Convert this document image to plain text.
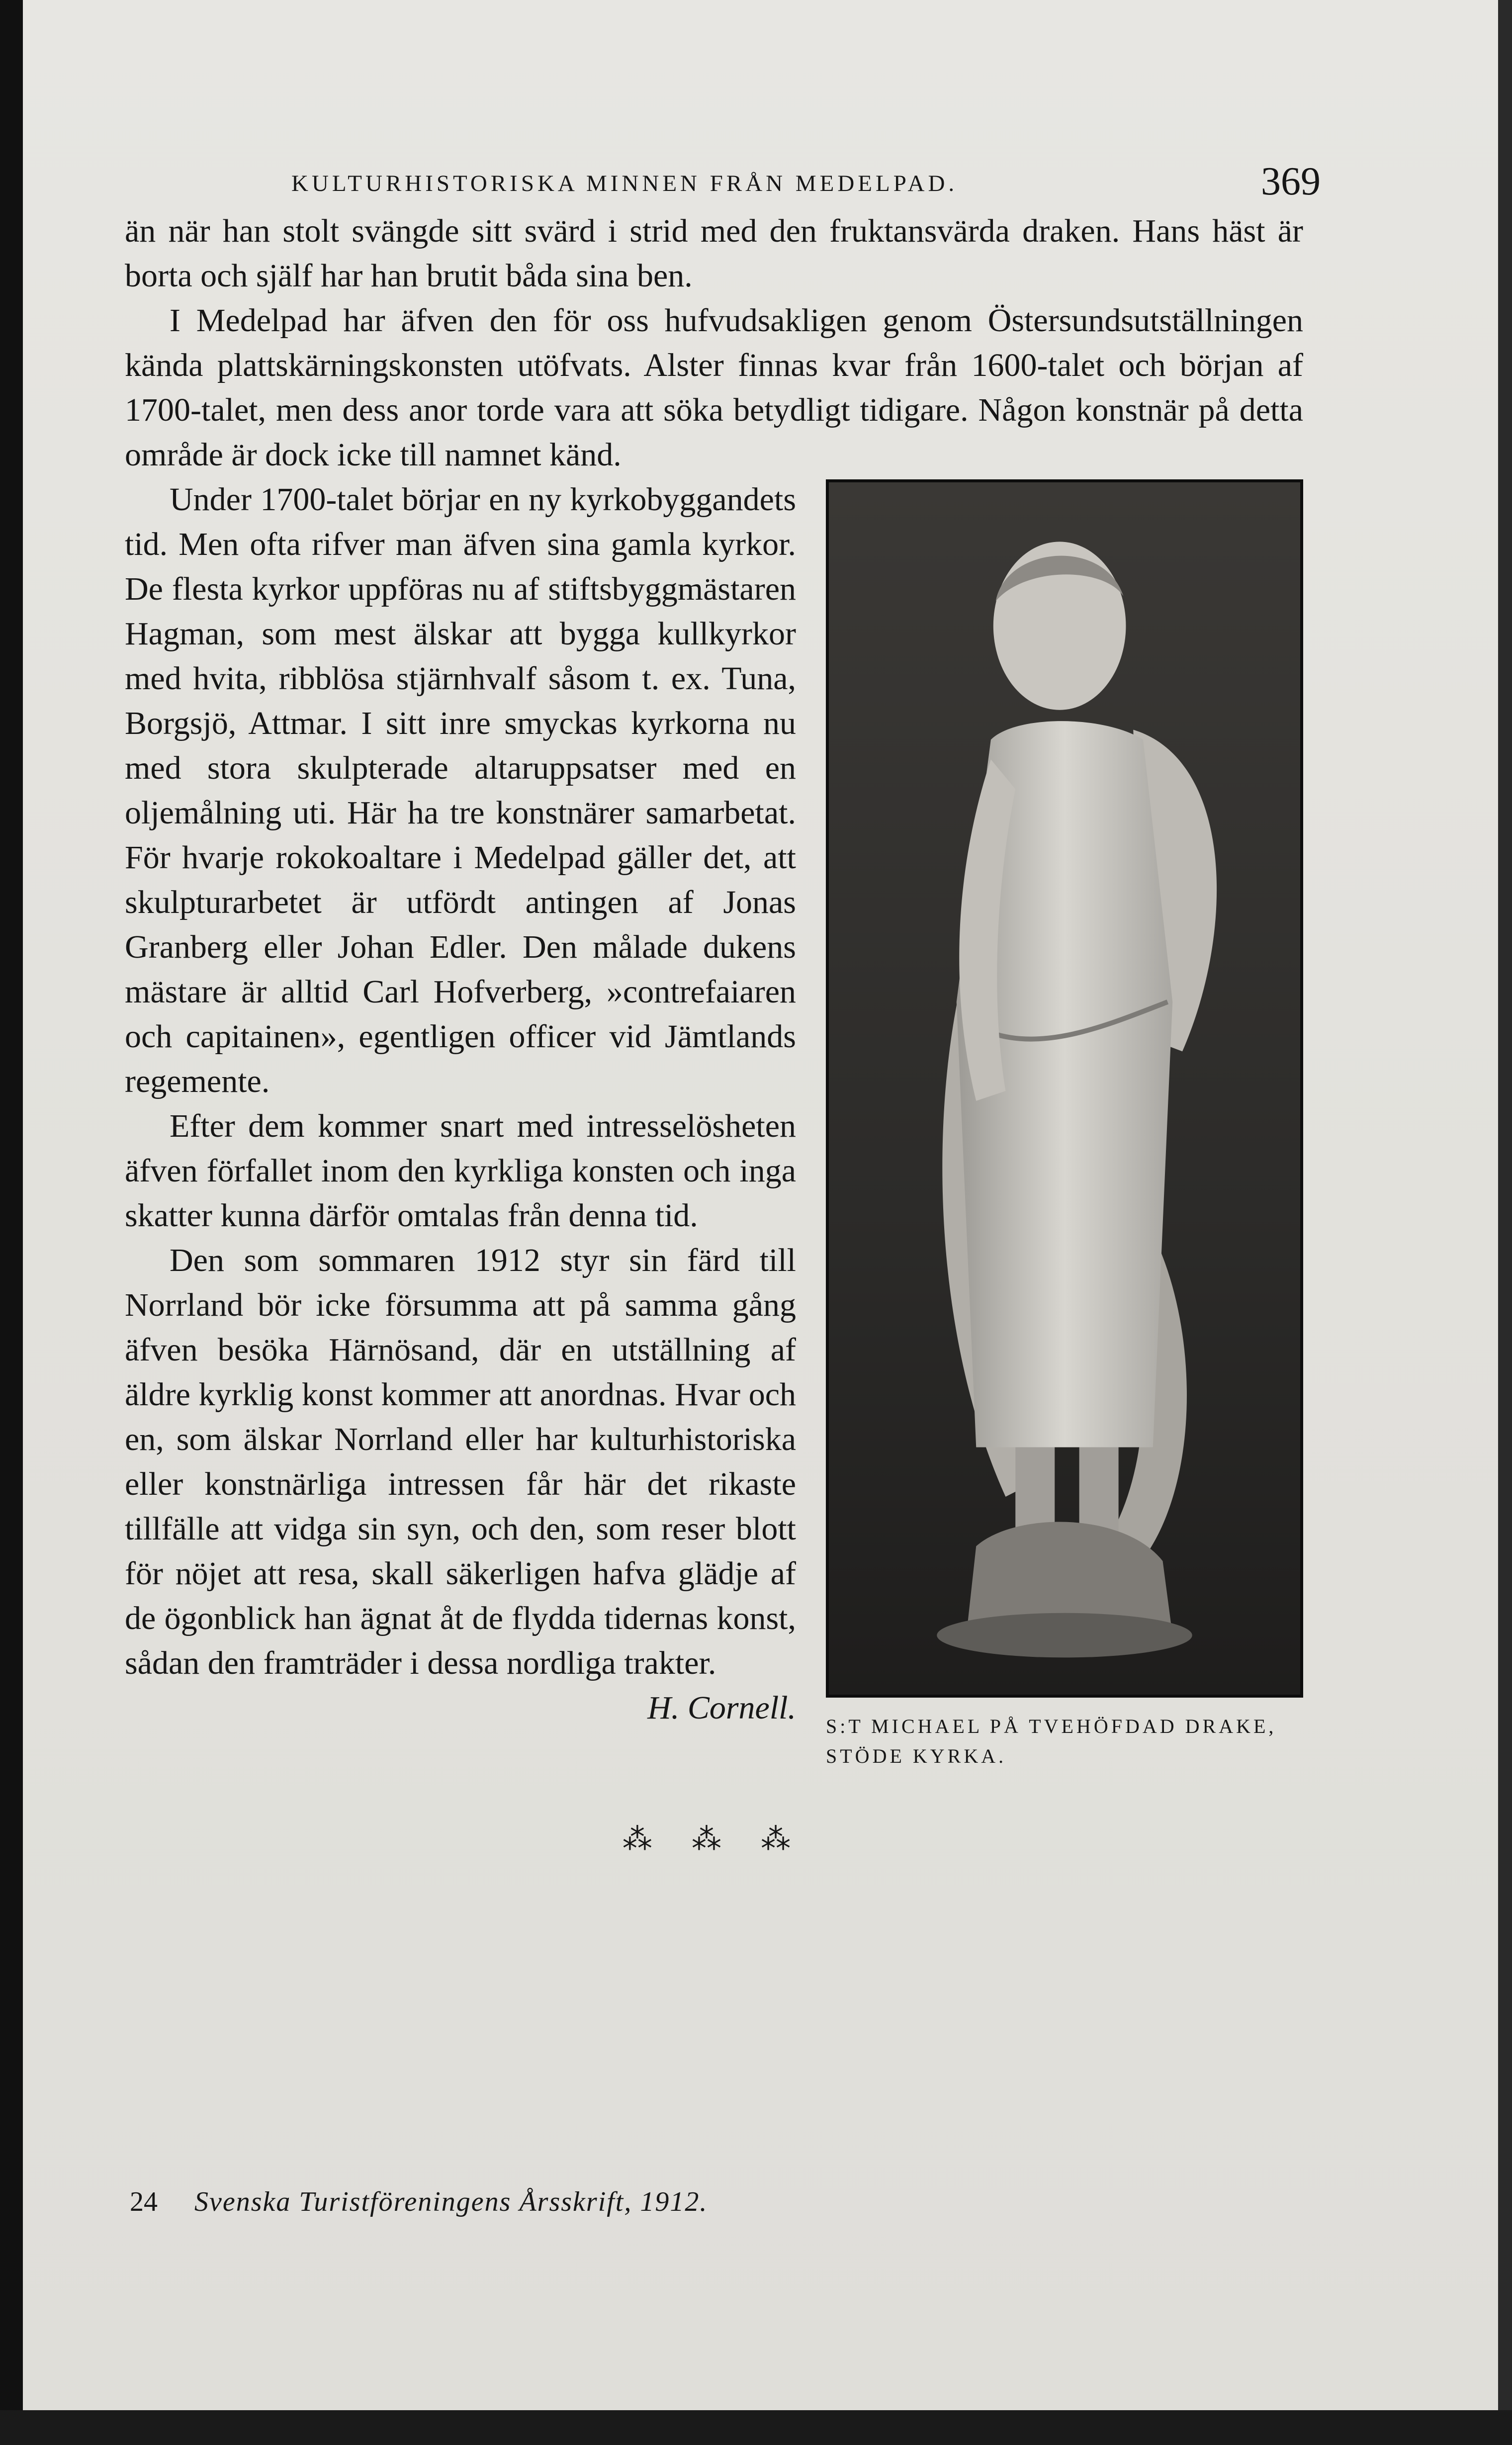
KULTURHISTORISKA MINNEN FRÅN MEDELPAD.	369

än när han stolt svängde sitt svärd i strid med den fruktansvärda draken. Hans häst är borta och själf har han brutit båda sina ben.

I Medelpad har äfven den för oss hufvudsakligen genom Östersundsutställningen kända plattskärningskonsten utöfvats. Alster finnas kvar från 1600-talet och början af 1700-talet, men dess anor torde vara att söka betydligt tidigare. Någon konstnär på detta område är dock icke till namnet känd.

S:T MICHAEL PÅ TVEHÖFDAD DRAKE, STÖDE KYRKA.

Under 1700-talet börjar en ny kyrkobyggandets tid. Men ofta rifver man äfven sina gamla kyrkor. De flesta kyrkor uppföras nu af stiftsbyggmästaren Hagman, som mest älskar att bygga kullkyrkor med hvita, ribblösa stjärnhvalf såsom t. ex. Tuna, Borgsjö, Attmar. I sitt inre smyckas kyrkorna nu med stora skulpterade altaruppsatser med en oljemålning uti. Här ha tre konstnärer samarbetat. För hvarje rokokoaltare i Medelpad gäller det, att skulpturarbetet är utfördt antingen af Jonas Granberg eller Johan Edler. Den målade dukens mästare är alltid Carl Hofverberg, »contrefaiaren och capitainen», egentligen officer vid Jämtlands regemente.

Efter dem kommer snart med intresselösheten äfven förfallet inom den kyrkliga konsten och inga skatter kunna därför omtalas från denna tid.

Den som sommaren 1912 styr sin färd till Norrland bör icke försumma att på samma gång äfven besöka Härnösand, där en utställning af äldre kyrklig konst kommer att anordnas. Hvar och en, som älskar Norrland eller har kulturhistoriska eller konstnärliga intressen får här det rikaste tillfälle att vidga sin syn, och den, som reser blott för nöjet att resa, skall säkerligen hafva glädje af de ögonblick han ägnat åt de flydda tidernas konst, sådan den framträder i dessa nordliga trakter.

H. Cornell.
⁂ ⁂ ⁂
24 Svenska Turistföreningens Årsskrift, 1912.
